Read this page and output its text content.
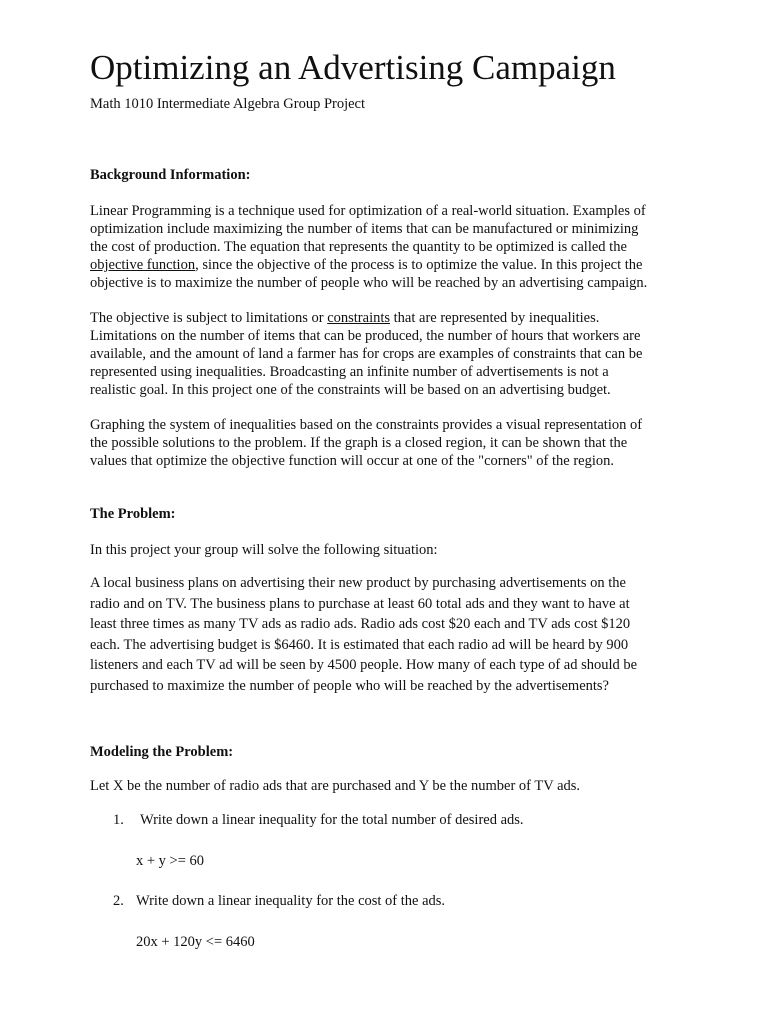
Optimizing an Advertising Campaign
Math 1010 Intermediate Algebra Group Project
Background Information:
Linear Programming is a technique used for optimization of a real-world situation. Examples of
optimization include maximizing the number of items that can be manufactured or minimizing
the cost of production. The equation that represents the quantity to be optimized is called the
objective function, since the objective of the process is to optimize the value. In this project the
objective is to maximize the number of people who will be reached by an advertising campaign.
The objective is subject to limitations or constraints that are represented by inequalities.
Limitations on the number of items that can be produced, the number of hours that workers are
available, and the amount of land a farmer has for crops are examples of constraints that can be
represented using inequalities. Broadcasting an infinite number of advertisements is not a
realistic goal. In this project one of the constraints will be based on an advertising budget.
Graphing the system of inequalities based on the constraints provides a visual representation of
the possible solutions to the problem. If the graph is a closed region, it can be shown that the
values that optimize the objective function will occur at one of the "corners" of the region.
The Problem:
In this project your group will solve the following situation:
A local business plans on advertising their new product by purchasing advertisements on the
radio and on TV. The business plans to purchase at least 60 total ads and they want to have at
least three times as many TV ads as radio ads. Radio ads cost $20 each and TV ads cost $120
each. The advertising budget is $6460. It is estimated that each radio ad will be heard by 900
listeners and each TV ad will be seen by 4500 people. How many of each type of ad should be
purchased to maximize the number of people who will be reached by the advertisements?
Modeling the Problem:
Let X be the number of radio ads that are purchased and Y be the number of TV ads.
1. Write down a linear inequality for the total number of desired ads.
x + y >= 60
2. Write down a linear inequality for the cost of the ads.
20x + 120y <= 6460
